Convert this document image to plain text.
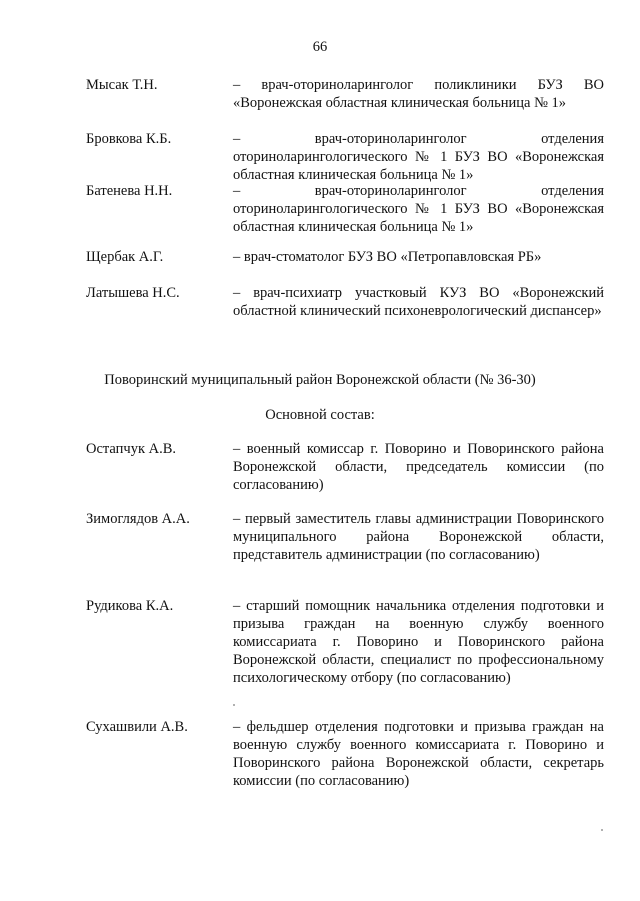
66
Мысак Т.Н.	– врач-оториноларинголог поликлиники БУЗ ВО «Воронежская областная клиническая больница № 1»
Бровкова К.Б.	– врач-оториноларинголог отделения оториноларингологического № 1 БУЗ ВО «Воронежская областная клиническая больница № 1»
Батенева Н.Н.	– врач-оториноларинголог отделения оториноларингологического № 1 БУЗ ВО «Воронежская областная клиническая больница № 1»
Щербак А.Г.	– врач-стоматолог БУЗ ВО «Петропавловская РБ»
Латышева Н.С.	– врач-психиатр участковый КУЗ ВО «Воронежский областной клинический психоневрологический диспансер»
Поворинский муниципальный район Воронежской области (№ 36-30)
Основной состав:
Остапчук А.В.	– военный комиссар г. Поворино и Поворинского района Воронежской области, председатель комиссии (по согласованию)
Зимоглядов А.А.	– первый заместитель главы администрации Поворинского муниципального района Воронежской области, представитель администрации (по согласованию)
Рудикова К.А.	– старший помощник начальника отделения подготовки и призыва граждан на военную службу военного комиссариата г. Поворино и Поворинского района Воронежской области, специалист по профессиональному психологическому отбору (по согласованию)
Сухашвили А.В.	– фельдшер отделения подготовки и призыва граждан на военную службу военного комиссариата г. Поворино и Поворинского района Воронежской области, секретарь комиссии (по согласованию)
